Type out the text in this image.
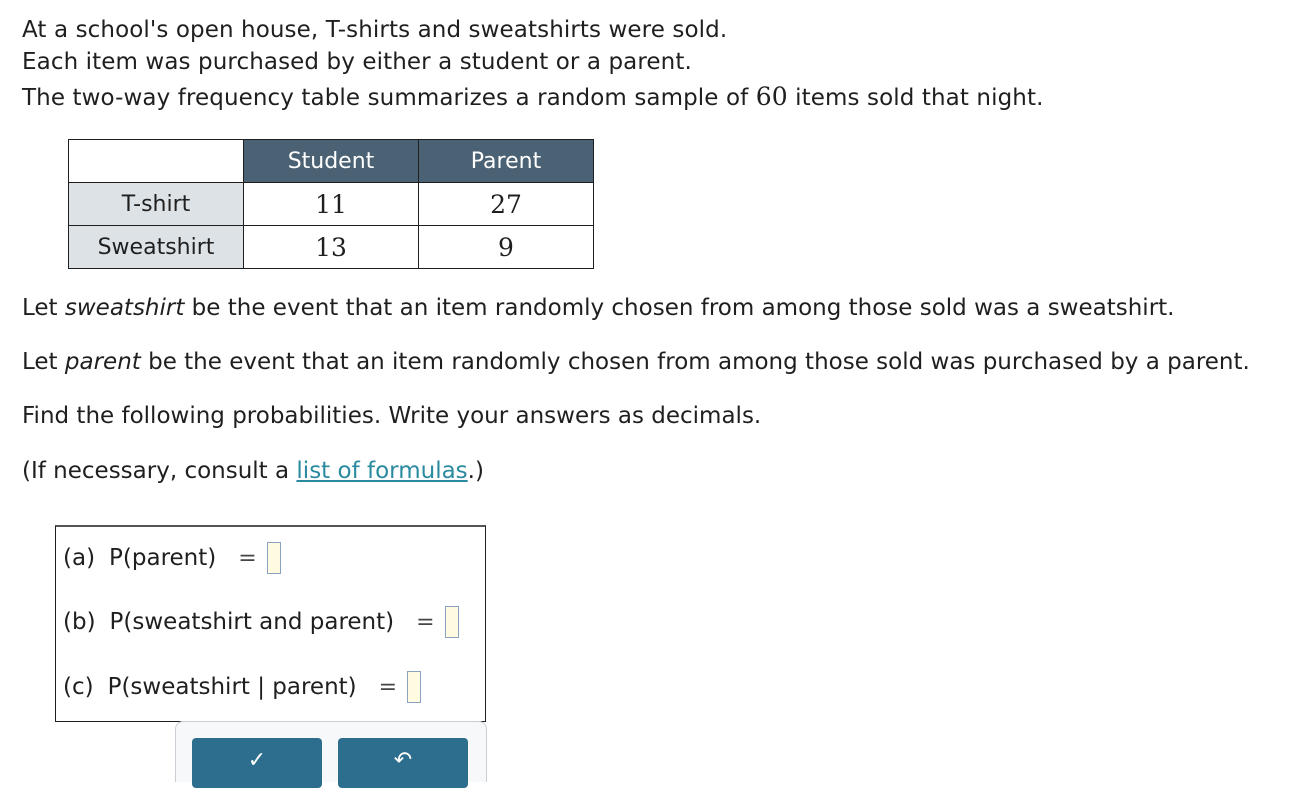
At a school's open house, T-shirts and sweatshirts were sold.
Each item was purchased by either a student or a parent.
The two-way frequency table summarizes a random sample of 60 items sold that night.
	Student	Parent
T-shirt	11	27
Sweatshirt	13	9
Let sweatshirt be the event that an item randomly chosen from among those sold was a sweatshirt.
Let parent be the event that an item randomly chosen from among those sold was purchased by a parent.
Find the following probabilities. Write your answers as decimals.
(If necessary, consult a list of formulas.)
(a) P(parent) =
(b) P(sweatshirt and parent) =
(c) P(sweatshirt | parent) =
✓	↶
